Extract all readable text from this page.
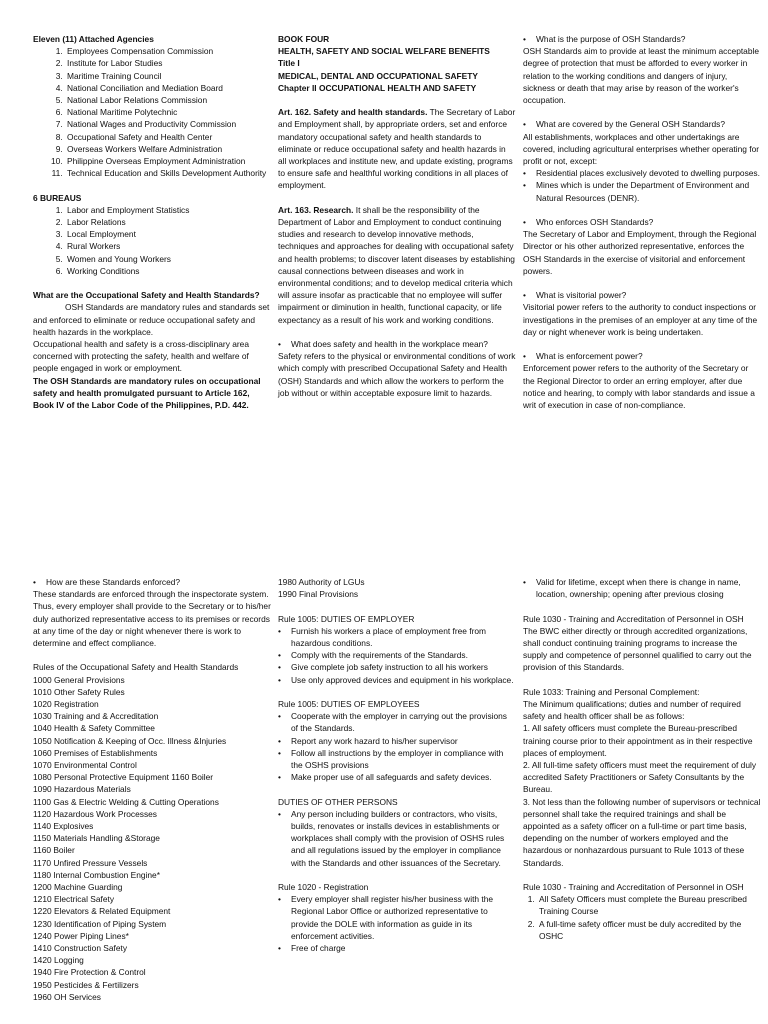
Eleven (11) Attached Agencies

1. Employees Compensation Commission
2. Institute for Labor Studies
3. Maritime Training Council
4. National Conciliation and Mediation Board
5. National Labor Relations Commission
6. National Maritime Polytechnic
7. National Wages and Productivity Commission
8. Occupational Safety and Health Center
9. Overseas Workers Welfare Administration
10. Philippine Overseas Employment Administration
11. Technical Education and Skills Development Authority

6 BUREAUS

1. Labor and Employment Statistics
2. Labor Relations
3. Local Employment
4. Rural Workers
5. Women and Young Workers
6. Working Conditions

What are the Occupational Safety and Health Standards?

OSH Standards are mandatory rules and standards set and enforced to eliminate or reduce occupational safety and health hazards in the workplace.

Occupational health and safety is a cross-disciplinary area concerned with protecting the safety, health and welfare of people engaged in work or employment.

The OSH Standards are mandatory rules on occupational safety and health promulgated pursuant to Article 162, Book IV of the Labor Code of the Philippines, P.D. 442.

BOOK FOUR

HEALTH, SAFETY AND SOCIAL WELFARE BENEFITS

Title I

MEDICAL, DENTAL AND OCCUPATIONAL SAFETY

Chapter II OCCUPATIONAL HEALTH AND SAFETY

Art. 162. Safety and health standards. The Secretary of Labor and Employment shall, by appropriate orders, set and enforce mandatory occupational safety and health standards to eliminate or reduce occupational safety and health hazards in all workplaces and institute new, and update existing, programs to ensure safe and healthful working conditions in all places of employment.

Art. 163. Research. It shall be the responsibility of the Department of Labor and Employment to conduct continuing studies and research to develop innovative methods, techniques and approaches for dealing with occupational safety and health problems; to discover latent diseases by establishing causal connections between diseases and work in environmental conditions; and to develop medical criteria which will assure insofar as practicable that no employee will suffer impairment or diminution in health, functional capacity, or life expectancy as a result of his work and working conditions.

• What does safety and health in the workplace mean?

Safety refers to the physical or environmental conditions of work which comply with prescribed Occupational Safety and Health (OSH) Standards and which allow the workers to perform the job without or within acceptable exposure limit to hazards.

• What is the purpose of OSH Standards?

OSH Standards aim to provide at least the minimum acceptable degree of protection that must be afforded to every worker in relation to the working conditions and dangers of injury, sickness or death that may arise by reason of the worker's occupation.

• What are covered by the General OSH Standards?

All establishments, workplaces and other undertakings are covered, including agricultural enterprises whether operating for profit or not, except:

• Residential places exclusively devoted to dwelling purposes.

• Mines which is under the Department of Environment and Natural Resources (DENR).

• Who enforces OSH Standards?

The Secretary of Labor and Employment, through the Regional Director or his other authorized representative, enforces the OSH Standards in the exercise of visitorial and enforcement powers.

• What is visitorial power?

Visitorial power refers to the authority to conduct inspections or investigations in the premises of an employer at any time of the day or night whenever work is being undertaken.

• What is enforcement power?

Enforcement power refers to the authority of the Secretary or the Regional Director to order an erring employer, after due notice and hearing, to comply with labor standards and issue a writ of execution in case of non-compliance.

• How are these Standards enforced?

These standards are enforced through the inspectorate system. Thus, every employer shall provide to the Secretary or to his/her duly authorized representative access to its premises or records at any time of the day or night whenever there is work to determine and effect compliance.

Rules of the Occupational Safety and Health Standards

1000 General Provisions

1010 Other Safety Rules

1020 Registration

1030 Training and & Accreditation

1040 Health & Safety Committee

1050 Notification & Keeping of Occ. Illness &Injuries

1060 Premises of Establishments

1070 Environmental Control

1080 Personal Protective Equipment 1160 Boiler

1090 Hazardous Materials

1100 Gas & Electric Welding & Cutting Operations

1120 Hazardous Work Processes

1140 Explosives

1150 Materials Handling &Storage

1160 Boiler

1170 Unfired Pressure Vessels

1180 Internal Combustion Engine*

1200 Machine Guarding

1210 Electrical Safety

1220 Elevators & Related Equipment

1230 Identification of Piping System

1240 Power Piping Lines*

1410 Construction Safety

1420 Logging

1940 Fire Protection & Control

1950 Pesticides & Fertilizers

1960 OH Services

1980 Authority of LGUs

1990 Final Provisions

Rule 1005: DUTIES OF EMPLOYER

• Furnish his workers a place of employment free from hazardous conditions.

• Comply with the requirements of the Standards.

• Give complete job safety instruction to all his workers

• Use only approved devices and equipment in his workplace.

Rule 1005: DUTIES OF EMPLOYEES

• Cooperate with the employer in carrying out the provisions of the Standards.

• Report any work hazard to his/her supervisor

• Follow all instructions by the employer in compliance with the OSHS provisions

• Make proper use of all safeguards and safety devices.

DUTIES OF OTHER PERSONS

• Any person including builders or contractors, who visits, builds, renovates or installs devices in establishments or workplaces shall comply with the provision of OSHS rules and all regulations issued by the employer in compliance with the Standards and other issuances of the Secretary.

Rule 1020 - Registration

• Every employer shall register his/her business with the Regional Labor Office or authorized representative to provide the DOLE with information as guide in its enforcement activities.

• Free of charge

• Valid for lifetime, except when there is change in name, location, ownership; opening after previous closing

Rule 1030 - Training and Accreditation of Personnel in OSH

The BWC either directly or through accredited organizations, shall conduct continuing training programs to increase the supply and competence of personnel qualified to carry out the provision of this Standards.

Rule 1033: Training and Personal Complement:

The Minimum qualifications; duties and number of required safety and health officer shall be as follows:

1. All safety officers must complete the Bureau-prescribed training course prior to their appointment as in their respective places of employment.

2. All full-time safety officers must meet the requirement of duly accredited Safety Practitioners or Safety Consultants by the Bureau.

3. Not less than the following number of supervisors or technical personnel shall take the required trainings and shall be appointed as a safety officer on a full-time or part time basis, depending on the number of workers employed and the hazardous or nonhazardous pursuant to Rule 1013 of these Standards.

Rule 1030 - Training and Accreditation of Personnel in OSH

1. All Safety Officers must complete the Bureau prescribed Training Course
2. A full-time safety officer must be duly accredited by the OSHC
